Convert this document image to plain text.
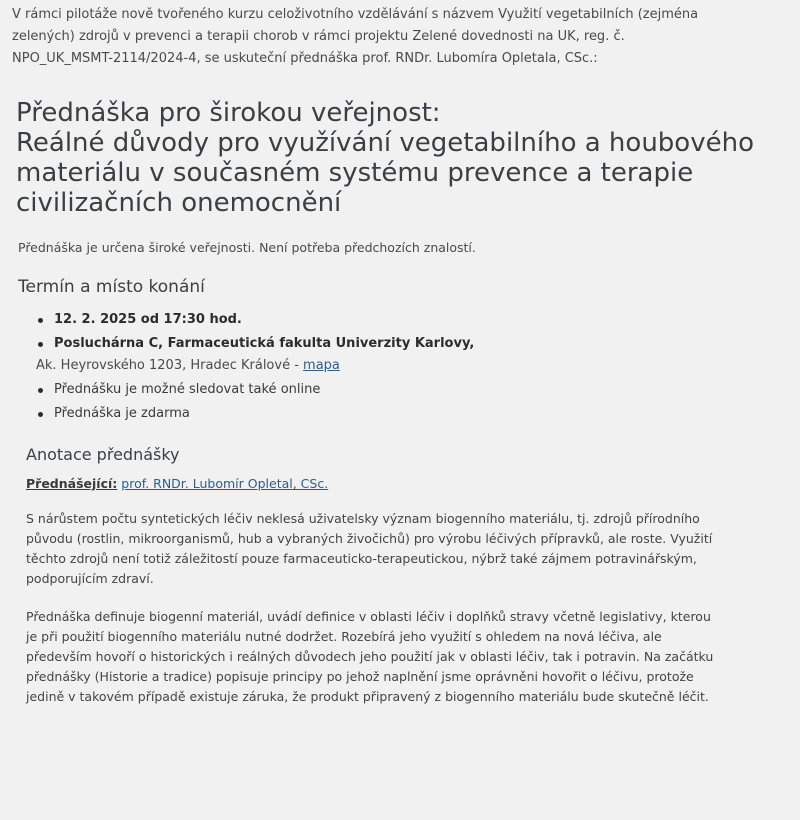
V rámci pilotáže nově tvořeného kurzu celoživotního vzdělávání s názvem Využití vegetabilních (zejména
zelených) zdrojů v prevenci a terapii chorob v rámci projektu Zelené dovednosti na UK, reg. č.
NPO_UK_MSMT-2114/2024-4, se uskuteční přednáška prof. RNDr. Lubomíra Opletala, CSc.:

Přednáška pro širokou veřejnost:
Reálné důvody pro využívání vegetabilního a houbového
materiálu v současném systému prevence a terapie
civilizačních onemocnění

Přednáška je určena široké veřejnosti. Není potřeba předchozích znalostí.

Termín a místo konání
12. 2. 2025 od 17:30 hod.
Posluchárna C, Farmaceutická fakulta Univerzity Karlovy,
Ak. Heyrovského 1203, Hradec Králové - mapa
Přednášku je možné sledovat také online
Přednáška je zdarma
Anotace přednášky

Přednášející: prof. RNDr. Lubomír Opletal, CSc.

S nárůstem počtu syntetických léčiv neklesá uživatelsky význam biogenního materiálu, tj. zdrojů přírodního
původu (rostlin, mikroorganismů, hub a vybraných živočichů) pro výrobu léčivých přípravků, ale roste. Využití
těchto zdrojů není totiž záležitostí pouze farmaceuticko-terapeutickou, nýbrž také zájmem potravinářským,
podporujícím zdraví.

Přednáška definuje biogenní materiál, uvádí definice v oblasti léčiv i doplňků stravy včetně legislativy, kterou
je při použití biogenního materiálu nutné dodržet. Rozebírá jeho využití s ohledem na nová léčiva, ale
především hovoří o historických i reálných důvodech jeho použití jak v oblasti léčiv, tak i potravin. Na začátku
přednášky (Historie a tradice) popisuje principy po jehož naplnění jsme oprávněni hovořit o léčivu, protože
jedině v takovém případě existuje záruka, že produkt připravený z biogenního materiálu bude skutečně léčit.
